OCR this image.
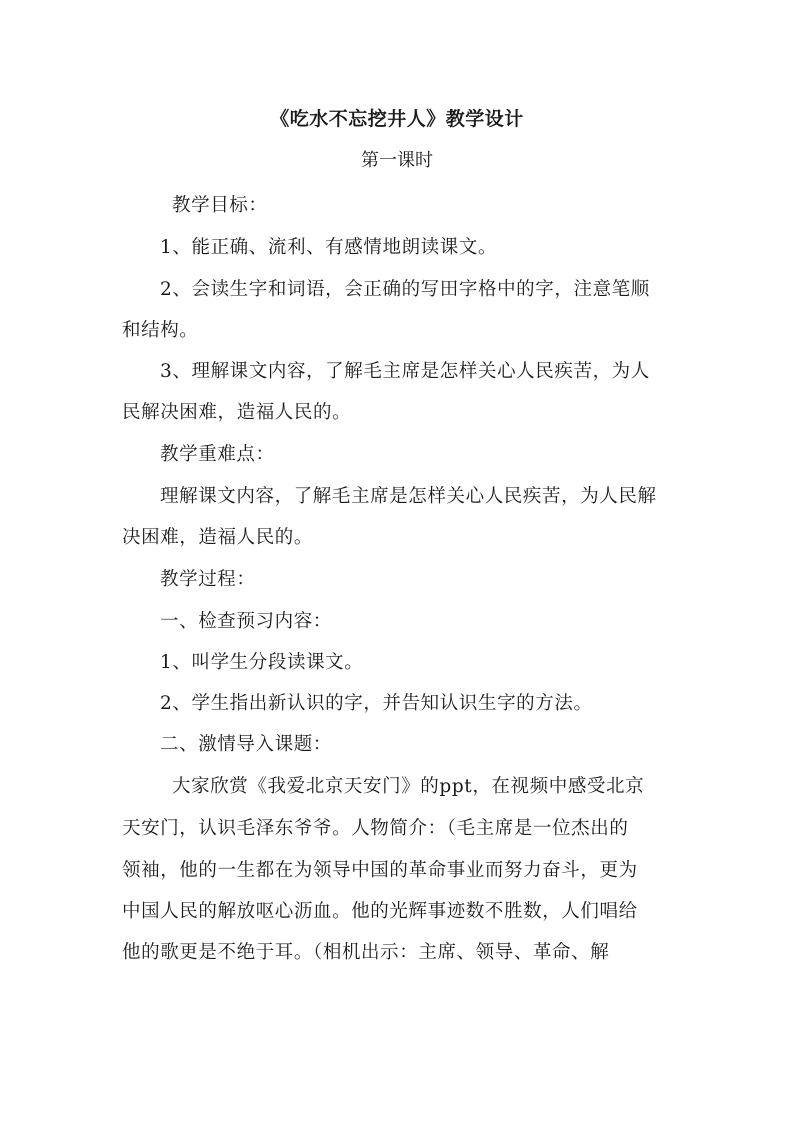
《吃水不忘挖井人》教学设计
第一课时
教学目标：
1、能正确、流利、有感情地朗读课文。
2、会读生字和词语，会正确的写田字格中的字，注意笔顺
和结构。
3、理解课文内容，了解毛主席是怎样关心人民疾苦，为人
民解决困难，造福人民的。
教学重难点：
理解课文内容，了解毛主席是怎样关心人民疾苦，为人民解
决困难，造福人民的。
教学过程：
一、检查预习内容：
1、叫学生分段读课文。
2、学生指出新认识的字，并告知认识生字的方法。
二、激情导入课题：
大家欣赏《我爱北京天安门》的ppt，在视频中感受北京
天安门，认识毛泽东爷爷。人物简介：（毛主席是一位杰出的
领袖，他的一生都在为领导中国的革命事业而努力奋斗，更为
中国人民的解放呕心沥血。他的光辉事迹数不胜数，人们唱给
他的歌更是不绝于耳。（相机出示：主席、领导、革命、解
